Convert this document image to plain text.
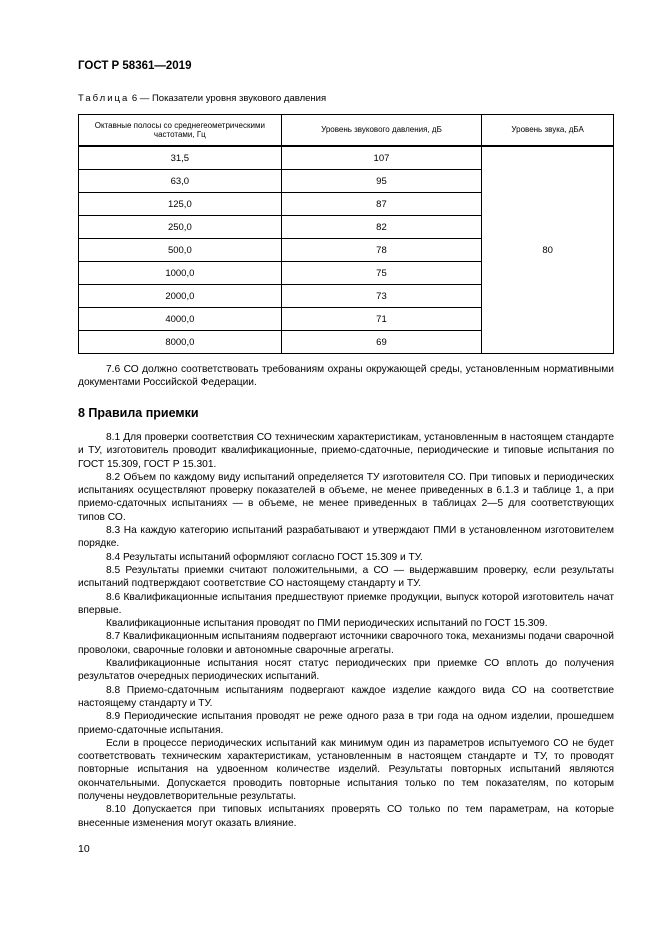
ГОСТ Р 58361—2019
Таблица 6 — Показатели уровня звукового давления
Октавные полосы со среднегеометрическими частотами, Гц	Уровень звукового давления, дБ	Уровень звука, дБА
31,5	107	80
63,0	95	
125,0	87	
250,0	82	
500,0	78	
1000,0	75	
2000,0	73	
4000,0	71	
8000,0	69	

7.6 СО должно соответствовать требованиям охраны окружающей среды, установленным нормативными документами Российской Федерации.

8 Правила приемки

8.1 Для проверки соответствия СО техническим характеристикам, установленным в настоящем стандарте и ТУ, изготовитель проводит квалификационные, приемо-сдаточные, периодические и типовые испытания по ГОСТ 15.309, ГОСТ Р 15.301.

8.2 Объем по каждому виду испытаний определяется ТУ изготовителя СО. При типовых и периодических испытаниях осуществляют проверку показателей в объеме, не менее приведенных в 6.1.3 и таблице 1, а при приемо-сдаточных испытаниях — в объеме, не менее приведенных в таблицах 2—5 для соответствующих типов СО.

8.3 На каждую категорию испытаний разрабатывают и утверждают ПМИ в установленном изготовителем порядке.

8.4 Результаты испытаний оформляют согласно ГОСТ 15.309 и ТУ.

8.5 Результаты приемки считают положительными, а СО — выдержавшим проверку, если результаты испытаний подтверждают соответствие СО настоящему стандарту и ТУ.

8.6 Квалификационные испытания предшествуют приемке продукции, выпуск которой изготовитель начат впервые.

Квалификационные испытания проводят по ПМИ периодических испытаний по ГОСТ 15.309.

8.7 Квалификационным испытаниям подвергают источники сварочного тока, механизмы подачи сварочной проволоки, сварочные головки и автономные сварочные агрегаты.

Квалификационные испытания носят статус периодических при приемке СО вплоть до получения результатов очередных периодических испытаний.

8.8 Приемо-сдаточным испытаниям подвергают каждое изделие каждого вида СО на соответствие настоящему стандарту и ТУ.

8.9 Периодические испытания проводят не реже одного раза в три года на одном изделии, прошедшем приемо-сдаточные испытания.

Если в процессе периодических испытаний как минимум один из параметров испытуемого СО не будет соответствовать техническим характеристикам, установленным в настоящем стандарте и ТУ, то проводят повторные испытания на удвоенном количестве изделий. Результаты повторных испытаний являются окончательными. Допускается проводить повторные испытания только по тем показателям, по которым получены неудовлетворительные результаты.

8.10 Допускается при типовых испытаниях проверять СО только по тем параметрам, на которые внесенные изменения могут оказать влияние.

10
